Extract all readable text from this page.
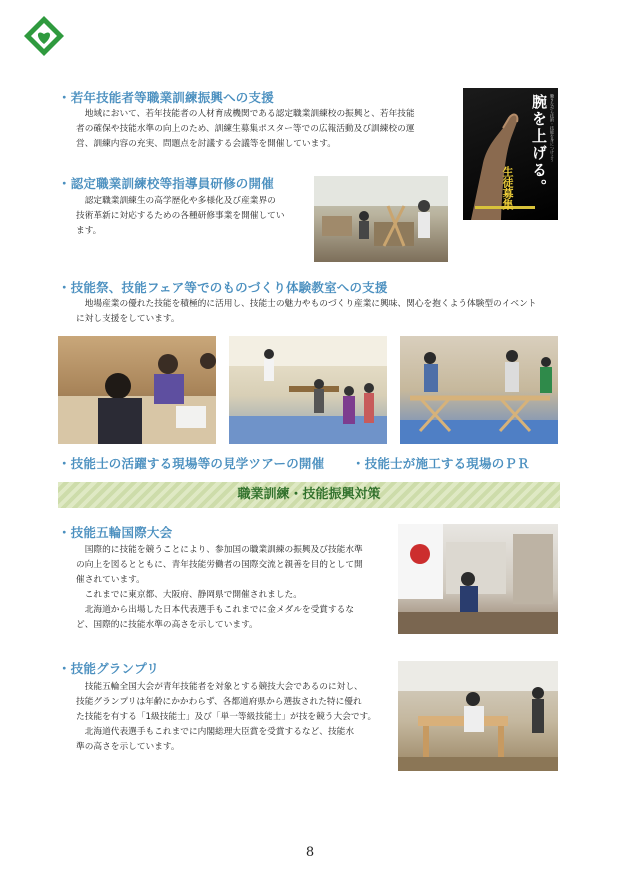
・若年技能者等職業訓練振興への支援
地域において、若年技能者の人材育成機関である認定職業訓練校の振興と、若年技能
者の確保や技能水準の向上のため、訓練生募集ポスター等での広報活動及び訓練校の運
営、訓練内容の充実、問題点を討議する会議等を開催しています。	腕を上げる。
生徒募集
働きながら技術・技能を身につけよう
・認定職業訓練校等指導員研修の開催
認定職業訓練生の高学歴化や多様化及び産業界の
技術革新に対応するための各種研修事業を開催してい
ます。
・技能祭、技能フェア等でのものづくり体験教室への支援
地場産業の優れた技能を積極的に活用し、技能士の魅力やものづくり産業に興味、関心を抱くよう体験型のイベント
に対し支援をしています。
・技能士の活躍する現場等の見学ツアーの開催 ・技能士が施工する現場のＰＲ
職業訓練・技能振興対策
・技能五輪国際大会
国際的に技能を競うことにより、参加国の職業訓練の振興及び技能水準
の向上を図るとともに、青年技能労働者の国際交流と親善を目的として開
催されています。
これまでに東京都、大阪府、静岡県で開催されました。
北海道から出場した日本代表選手もこれまでに金メダルを受賞するな
ど、国際的に技能水準の高さを示しています。
・技能グランプリ
技能五輪全国大会が青年技能者を対象とする競技大会であるのに対し、
技能グランプリは年齢にかかわらず、各都道府県から選抜された特に優れ
た技能を有する「1級技能士」及び「単一等級技能士」が技を競う大会です。
北海道代表選手もこれまでに内閣総理大臣賞を受賞するなど、技能水
準の高さを示しています。
8
